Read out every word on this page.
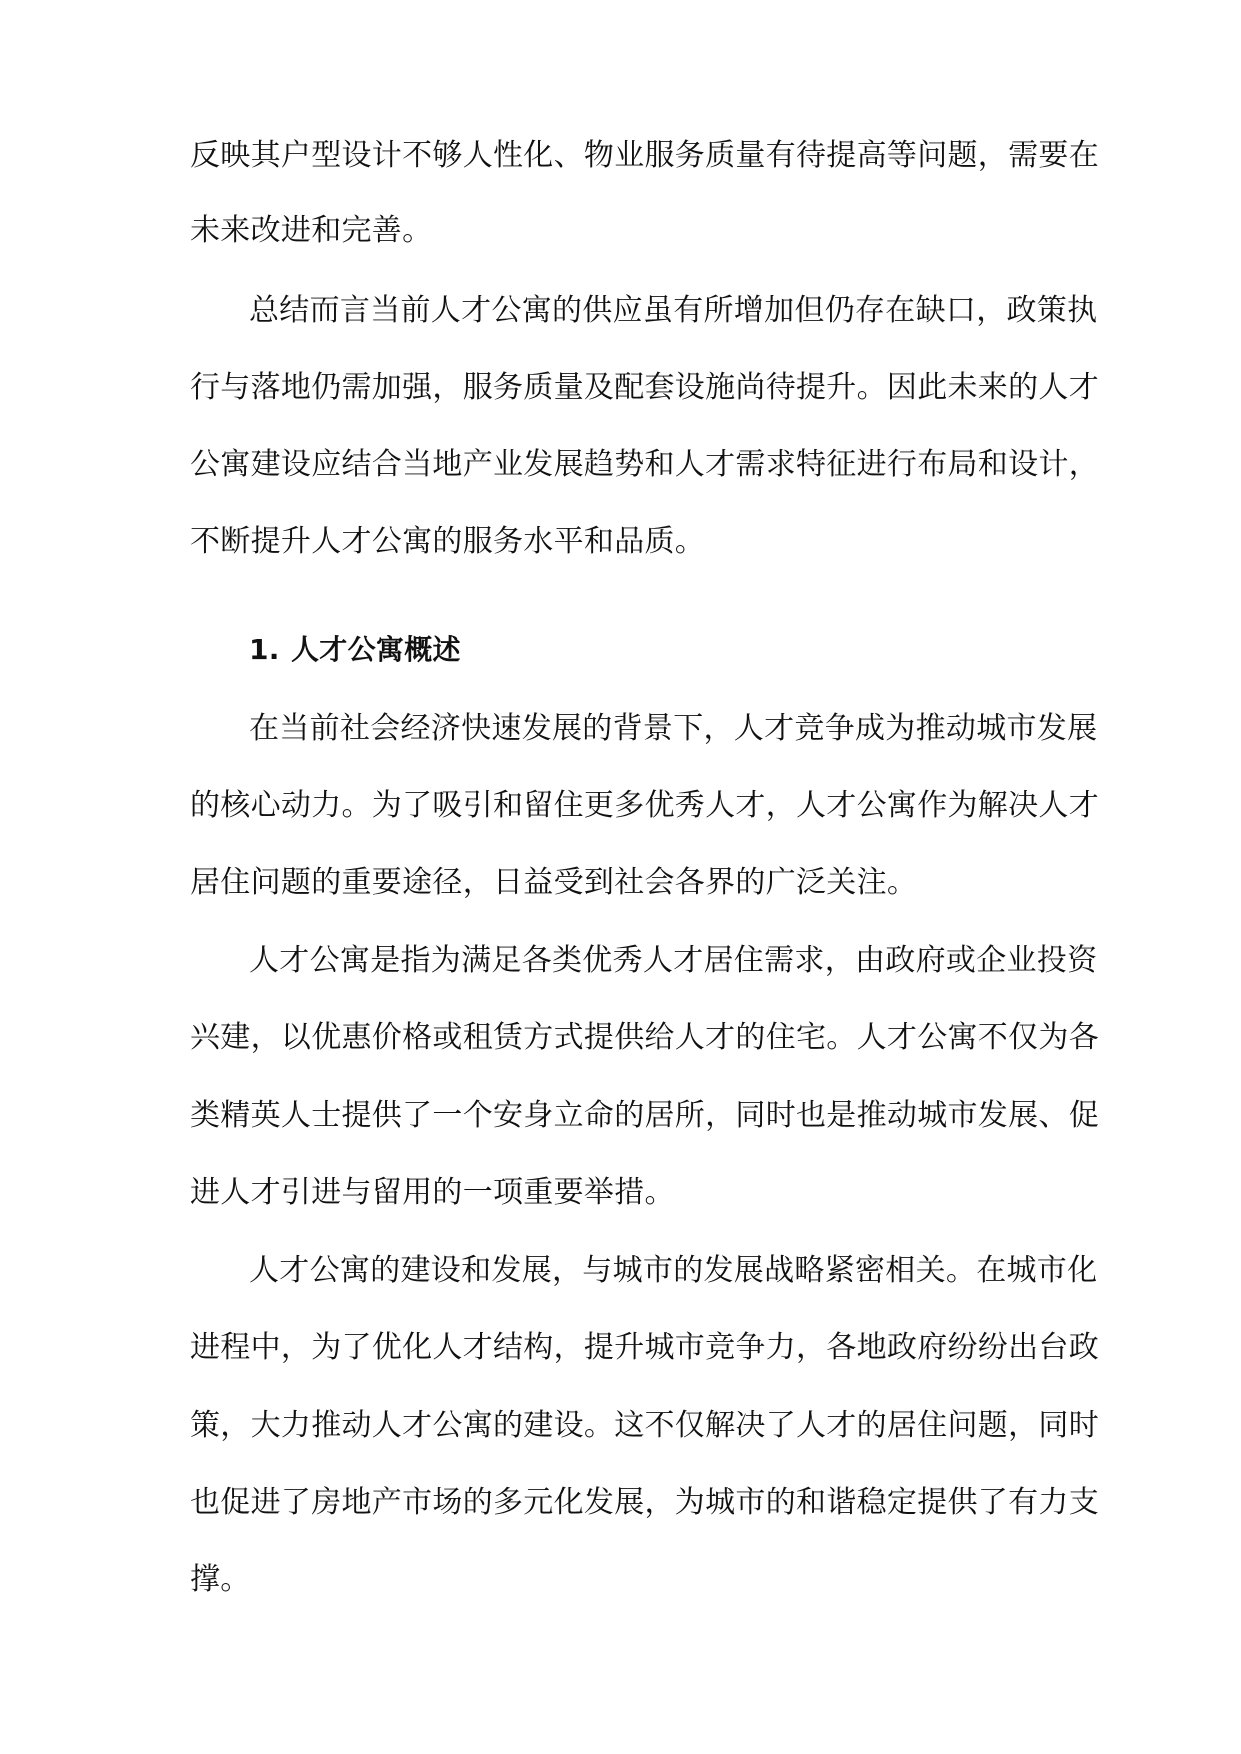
反映其户型设计不够人性化、物业服务质量有待提高等问题，需要在
未来改进和完善。
总结而言当前人才公寓的供应虽有所增加但仍存在缺口，政策执
行与落地仍需加强，服务质量及配套设施尚待提升。因此未来的人才
公寓建设应结合当地产业发展趋势和人才需求特征进行布局和设计，
不断提升人才公寓的服务水平和品质。
1. 人才公寓概述
在当前社会经济快速发展的背景下，人才竞争成为推动城市发展
的核心动力。为了吸引和留住更多优秀人才，人才公寓作为解决人才
居住问题的重要途径，日益受到社会各界的广泛关注。
人才公寓是指为满足各类优秀人才居住需求，由政府或企业投资
兴建，以优惠价格或租赁方式提供给人才的住宅。人才公寓不仅为各
类精英人士提供了一个安身立命的居所，同时也是推动城市发展、促
进人才引进与留用的一项重要举措。
人才公寓的建设和发展，与城市的发展战略紧密相关。在城市化
进程中，为了优化人才结构，提升城市竞争力，各地政府纷纷出台政
策，大力推动人才公寓的建设。这不仅解决了人才的居住问题，同时
也促进了房地产市场的多元化发展，为城市的和谐稳定提供了有力支
撑。
